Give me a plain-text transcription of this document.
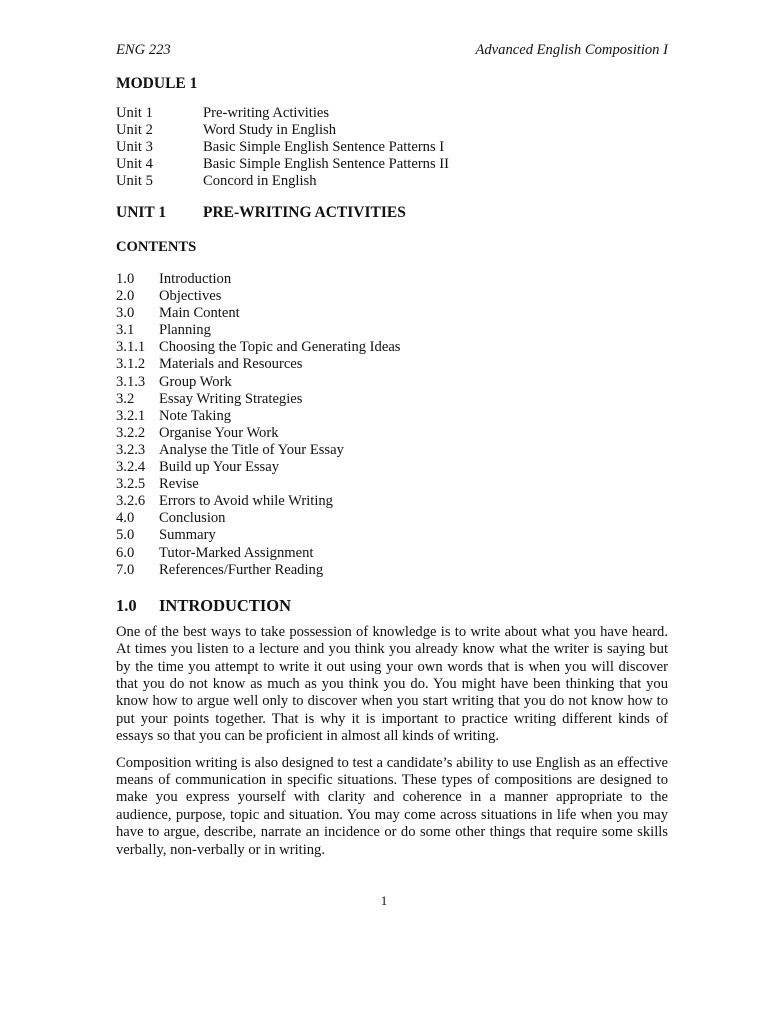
ENG 223	Advanced English Composition I
MODULE 1
Unit 1	Pre-writing Activities
Unit 2	Word Study in English
Unit 3	Basic Simple English Sentence Patterns I
Unit 4	Basic Simple English Sentence Patterns II
Unit 5	Concord in English
UNIT 1	PRE-WRITING ACTIVITIES
CONTENTS
1.0	Introduction
2.0	Objectives
3.0	Main Content
3.1	Planning
3.1.1 Choosing the Topic and Generating Ideas
3.1.2 Materials and Resources
3.1.3 Group Work
3.2	Essay Writing Strategies
3.2.1 Note Taking
3.2.2 Organise Your Work
3.2.3 Analyse the Title of Your Essay
3.2.4 Build up Your Essay
3.2.5 Revise
3.2.6 Errors to Avoid while Writing
4.0	Conclusion
5.0	Summary
6.0	Tutor-Marked Assignment
7.0	References/Further Reading
1.0	INTRODUCTION

One of the best ways to take possession of knowledge is to write about what you have heard. At times you listen to a lecture and you think you already know what the writer is saying but by the time you attempt to write it out using your own words that is when you will discover that you do not know as much as you think you do. You might have been thinking that you know how to argue well only to discover when you start writing that you do not know how to put your points together. That is why it is important to practice writing different kinds of essays so that you can be proficient in almost all kinds of writing.

Composition writing is also designed to test a candidate’s ability to use English as an effective means of communication in specific situations. These types of compositions are designed to make you express yourself with clarity and coherence in a manner appropriate to the audience, purpose, topic and situation. You may come across situations in life when you may have to argue, describe, narrate an incidence or do some other things that require some skills verbally, non-verbally or in writing.

1
